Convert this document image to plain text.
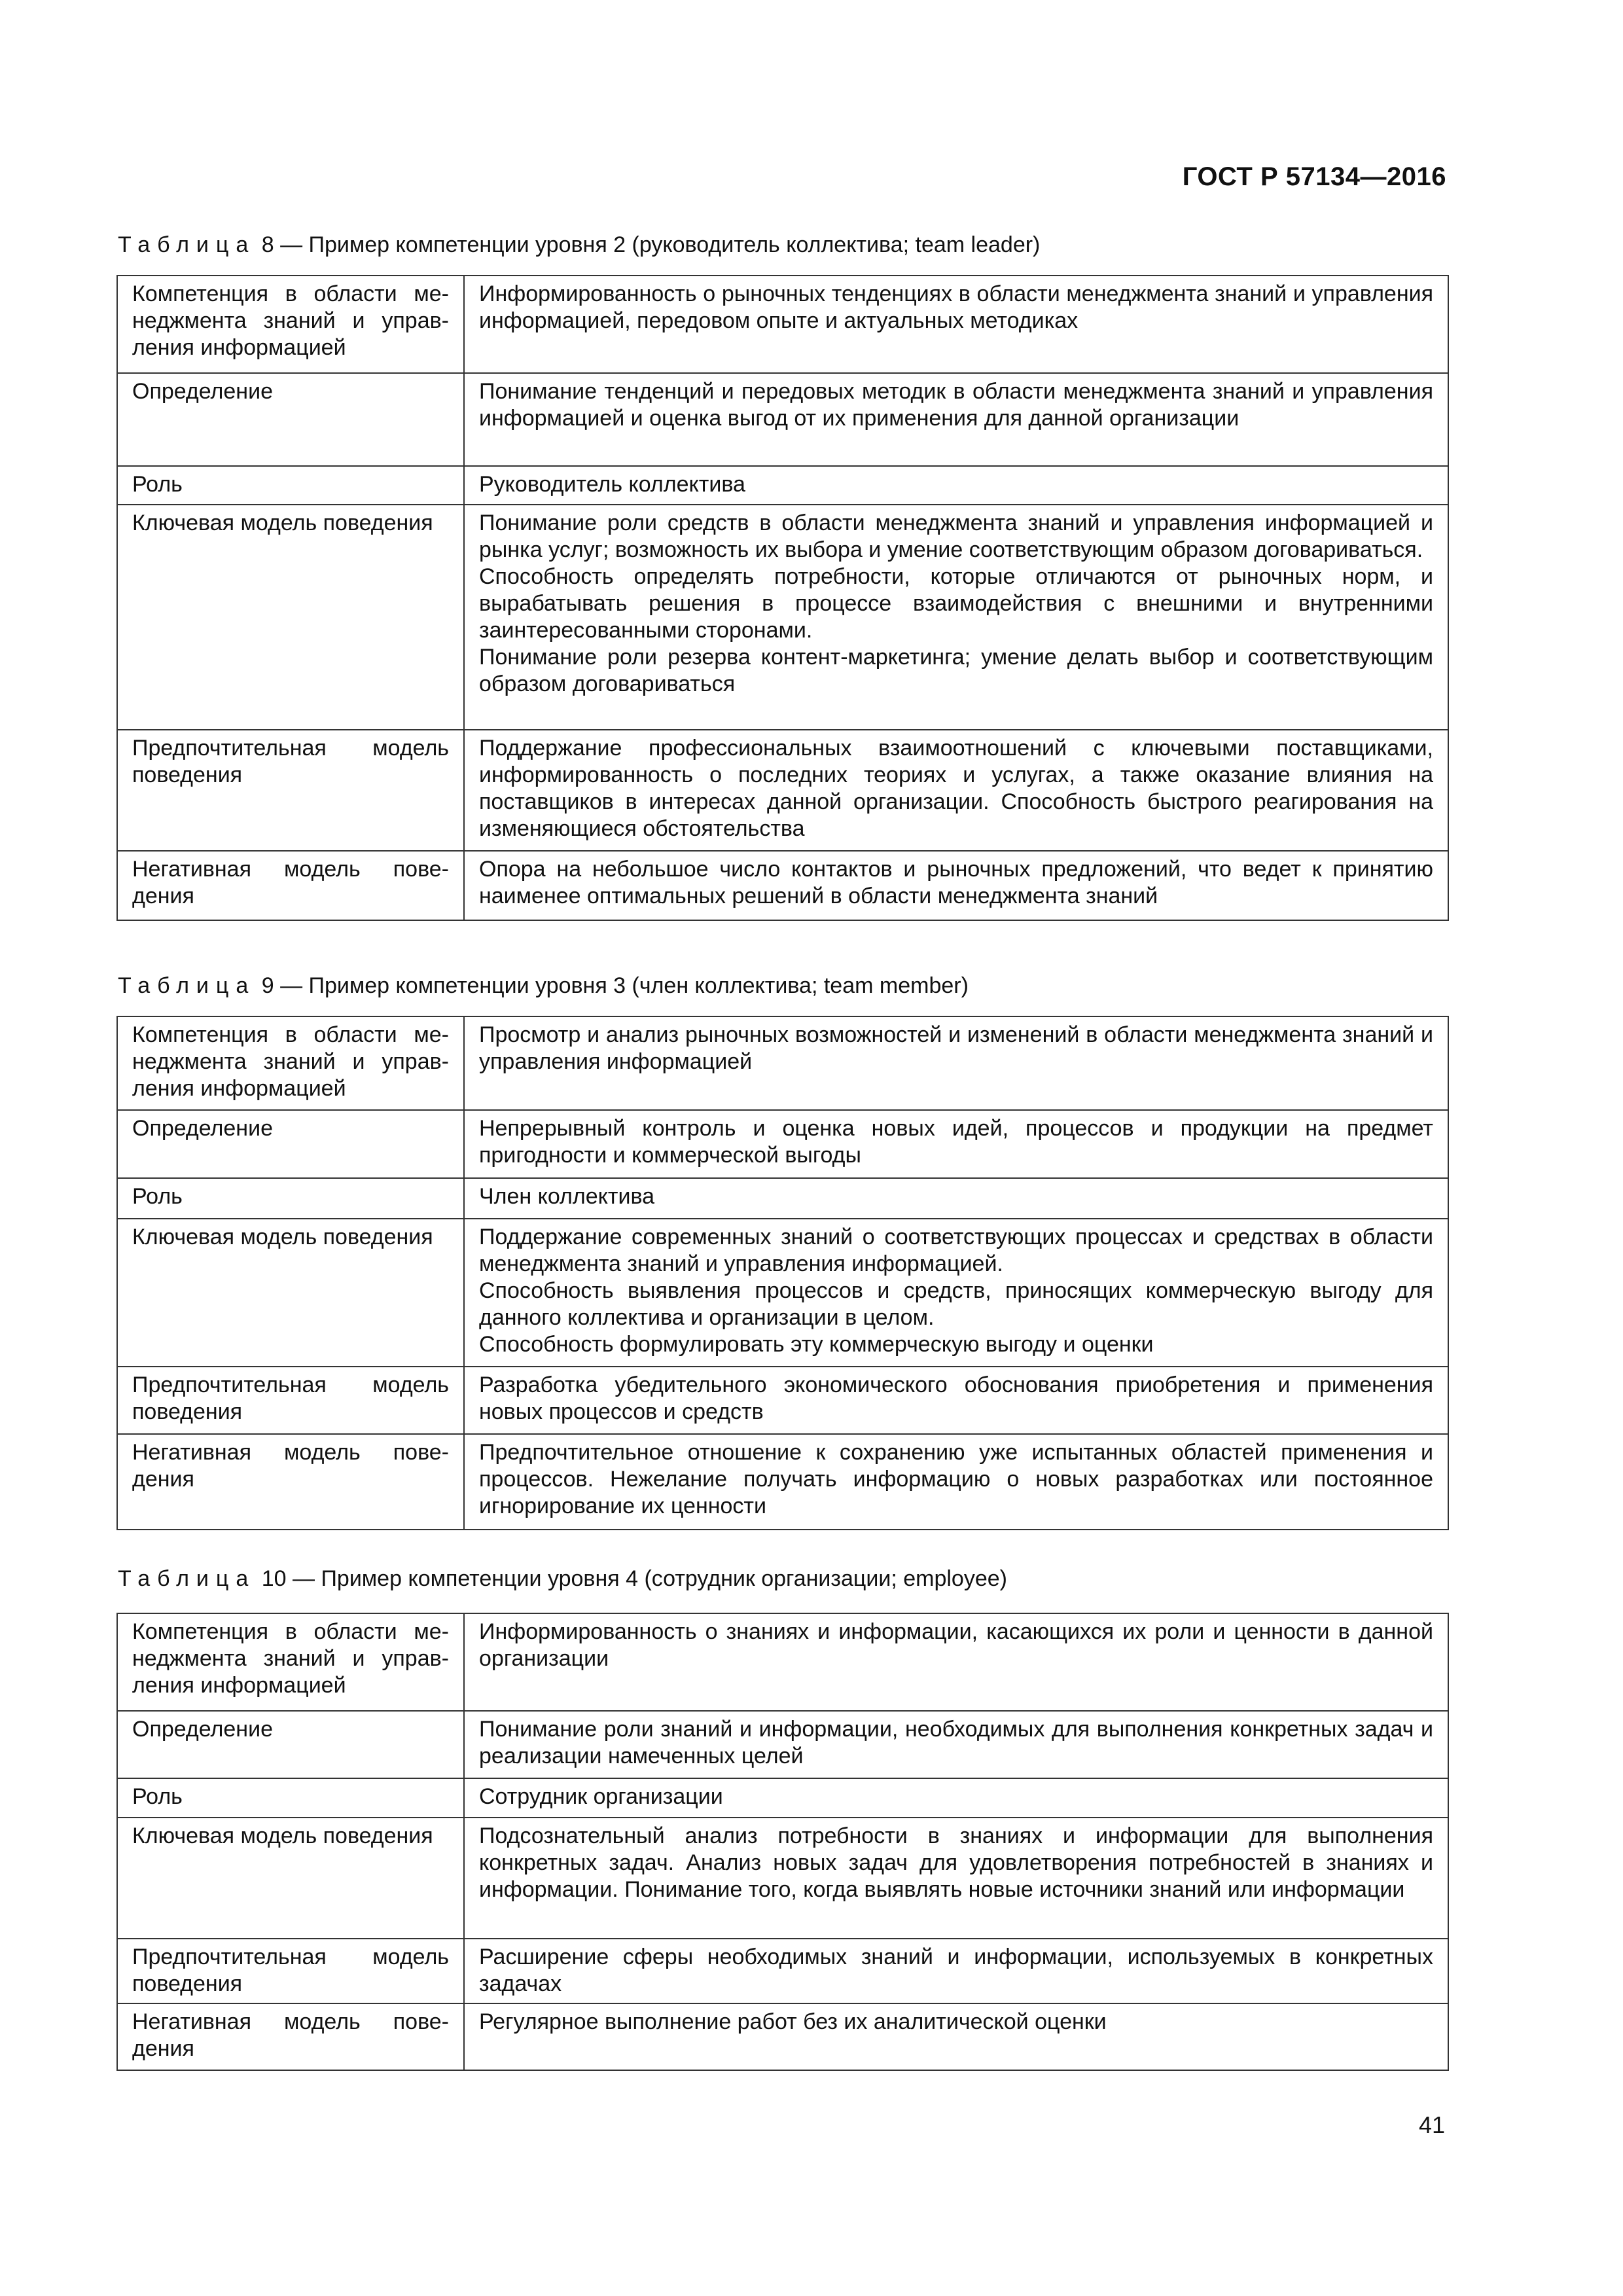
ГОСТ Р 57134—2016
Таблица 8 — Пример компетенции уровня 2 (руководитель коллектива; team leader)
Компетенция в области менеджмента знаний и управления информацией	Информированность о рыночных тенденциях в области менеджмента знаний и управления информацией, передовом опыте и актуальных методиках
Определение	Понимание тенденций и передовых методик в области менеджмента знаний и управления информацией и оценка выгод от их применения для данной организации
Роль	Руководитель коллектива
Ключевая модель поведения	Понимание роли средств в области менеджмента знаний и управления информацией и рынка услуг; возможность их выбора и умение соответствующим образом договариваться.
Способность определять потребности, которые отличаются от рыночных норм, и вырабатывать решения в процессе взаимодействия с внешними и внутренними заинтересованными сторонами.
Понимание роли резерва контент-маркетинга; умение делать выбор и соответствующим образом договариваться
Предпочтительная модель поведения	Поддержание профессиональных взаимоотношений с ключевыми поставщиками, информированность о последних теориях и услугах, а также оказание влияния на поставщиков в интересах данной организации. Способность быстрого реагирования на изменяющиеся обстоятельства
Негативная модель поведения	Опора на небольшое число контактов и рыночных предложений, что ведет к принятию наименее оптимальных решений в области менеджмента знаний
Таблица 9 — Пример компетенции уровня 3 (член коллектива; team member)
Компетенция в области менеджмента знаний и управления информацией	Просмотр и анализ рыночных возможностей и изменений в области менеджмента знаний и управления информацией
Определение	Непрерывный контроль и оценка новых идей, процессов и продукции на предмет пригодности и коммерческой выгоды
Роль	Член коллектива
Ключевая модель поведения	Поддержание современных знаний о соответствующих процессах и средствах в области менеджмента знаний и управления информацией.
Способность выявления процессов и средств, приносящих коммерческую выгоду для данного коллектива и организации в целом.
Способность формулировать эту коммерческую выгоду и оценки
Предпочтительная модель поведения	Разработка убедительного экономического обоснования приобретения и применения новых процессов и средств
Негативная модель поведения	Предпочтительное отношение к сохранению уже испытанных областей применения и процессов. Нежелание получать информацию о новых разработках или постоянное игнорирование их ценности
Таблица 10 — Пример компетенции уровня 4 (сотрудник организации; employee)
Компетенция в области менеджмента знаний и управления информацией	Информированность о знаниях и информации, касающихся их роли и ценности в данной организации
Определение	Понимание роли знаний и информации, необходимых для выполнения конкретных задач и реализации намеченных целей
Роль	Сотрудник организации
Ключевая модель поведения	Подсознательный анализ потребности в знаниях и информации для выполнения конкретных задач. Анализ новых задач для удовлетворения потребностей в знаниях и информации. Понимание того, когда выявлять новые источники знаний или информации
Предпочтительная модель поведения	Расширение сферы необходимых знаний и информации, используемых в конкретных задачах
Негативная модель поведения	Регулярное выполнение работ без их аналитической оценки
41
